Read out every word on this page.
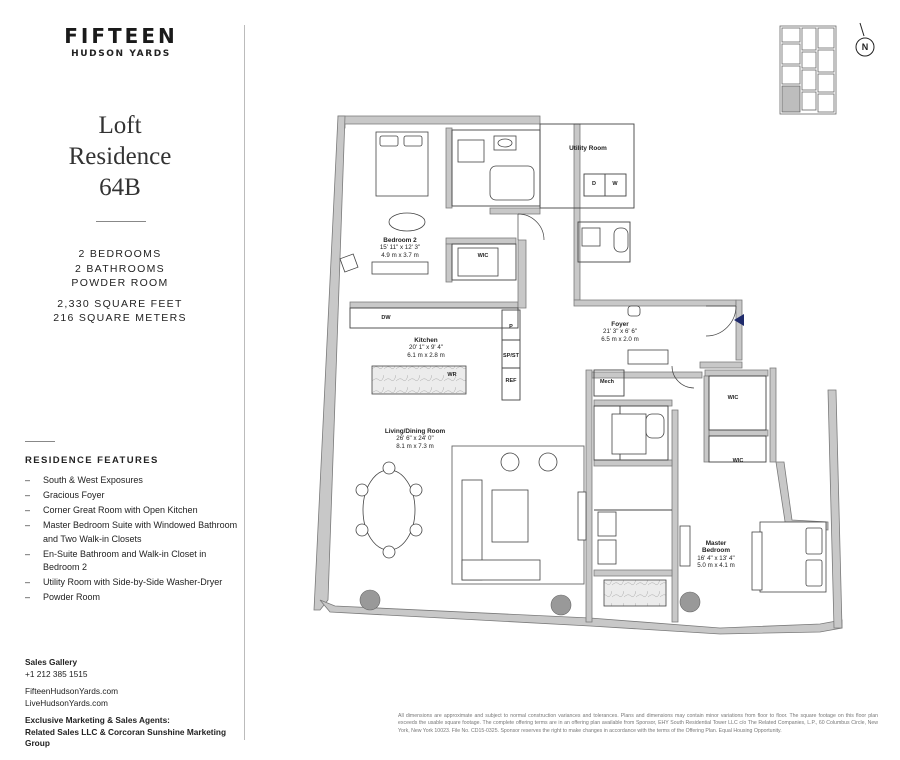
FIFTEEN
HUDSON YARDS
Loft
Residence
64B
2 BEDROOMS
2 BATHROOMS
POWDER ROOM
2,330 SQUARE FEET
216 SQUARE METERS
RESIDENCE FEATURES
– South & West Exposures
– Gracious Foyer
– Corner Great Room with Open Kitchen
– Master Bedroom Suite with Windowed Bathroom and Two Walk-in Closets
– En-Suite Bathroom and Walk-in Closet in Bedroom 2
– Utility Room with Side-by-Side Washer-Dryer
– Powder Room
Sales Gallery
+1 212 385 1515
FifteenHudsonYards.com
LiveHudsonYards.com
Exclusive Marketing & Sales Agents:
Related Sales LLC & Corcoran Sunshine Marketing Group
N
Utility Room
Bedroom 2
15' 11" x 12' 3"
4.9 m x 3.7 m
Kitchen
20' 1" x 9' 4"
6.1 m x 2.8 m
Living/Dining Room
26' 6" x 24' 0"
8.1 m x 7.3 m
Foyer
21' 3" x 6' 6"
6.5 m x 2.0 m
Master
Bedroom
16' 4" x 13' 4"
5.0 m x 4.1 m
D	W
WIC
DW
P
SP/ST
REF
WR
Mech
WIC
WIC
All dimensions are approximate and subject to normal construction variances and tolerances. Plans and dimensions may contain minor variations from floor to floor. The square footage on this floor plan exceeds the usable square footage. The complete offering terms are in an offering plan available from Sponsor, EHY South Residential Tower LLC c/o The Related Companies, L.P., 60 Columbus Circle, New York, New York 10023. File No. CD15-0325. Sponsor reserves the right to make changes in accordance with the terms of the Offering Plan. Equal Housing Opportunity.
